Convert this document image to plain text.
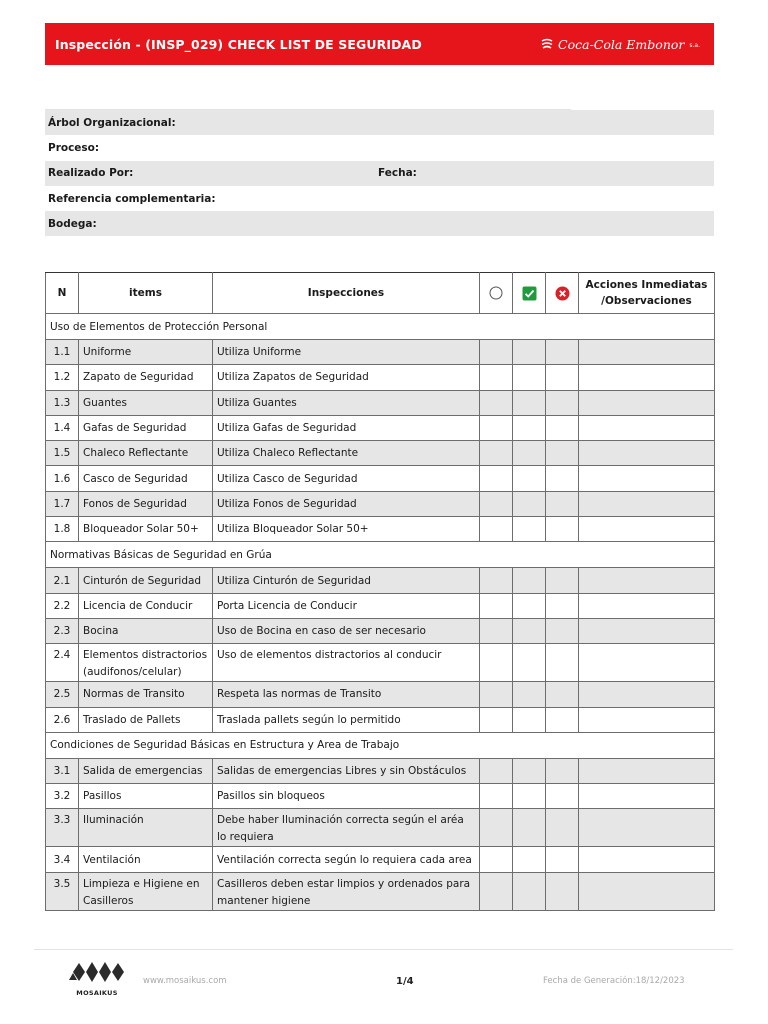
Inspección - (INSP_029) CHECK LIST DE SEGURIDAD	Coca-Cola Embonor s.a.
Árbol Organizacional:
Proceso:
Realizado Por:	Fecha:
Referencia complementaria:
Bodega:
N	items	Inspecciones				Acciones Inmediatas /Observaciones
Uso de Elementos de Protección Personal						
1.1	Uniforme	Utiliza Uniforme				
1.2	Zapato de Seguridad	Utiliza Zapatos de Seguridad				
1.3	Guantes	Utiliza Guantes				
1.4	Gafas de Seguridad	Utiliza Gafas de Seguridad				
1.5	Chaleco Reflectante	Utiliza Chaleco Reflectante				
1.6	Casco de Seguridad	Utiliza Casco de Seguridad				
1.7	Fonos de Seguridad	Utiliza Fonos de Seguridad				
1.8	Bloqueador Solar 50+	Utiliza Bloqueador Solar 50+				
Normativas Básicas de Seguridad en Grúa						
2.1	Cinturón de Seguridad	Utiliza Cinturón de Seguridad				
2.2	Licencia de Conducir	Porta Licencia de Conducir				
2.3	Bocina	Uso de Bocina en caso de ser necesario				
2.4	Elementos distractorios (audifonos/celular)	Uso de elementos distractorios al conducir				
2.5	Normas de Transito	Respeta las normas de Transito				
2.6	Traslado de Pallets	Traslada pallets según lo permitido				
Condiciones de Seguridad Básicas en Estructura y Area de Trabajo						
3.1	Salida de emergencias	Salidas de emergencias Libres y sin Obstáculos				
3.2	Pasillos	Pasillos sin bloqueos				
3.3	Iluminación	Debe haber Iluminación correcta según el aréa lo requiera				
3.4	Ventilación	Ventilación correcta según lo requiera cada area				
3.5	Limpieza e Higiene en Casilleros	Casilleros deben estar limpios y ordenados para mantener higiene				
MOSAIKUS
www.mosaikus.com	1/4	Fecha de Generación:18/12/2023
